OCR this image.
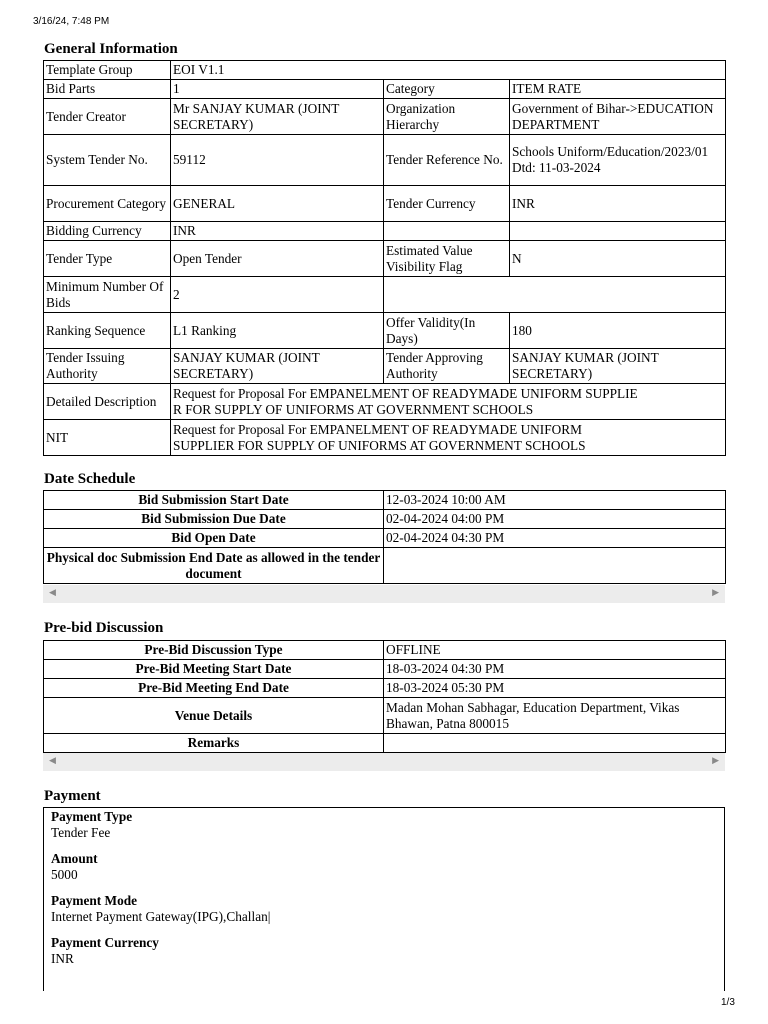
3/16/24, 7:48 PM
1/3
General Information
Template Group	EOI V1.1		
Bid Parts	1	Category	ITEM RATE
Tender Creator	Mr SANJAY KUMAR (JOINT SECRETARY)	Organization Hierarchy	Government of Bihar->EDUCATION DEPARTMENT
System Tender No.	59112	Tender Reference No.	Schools Uniform/Education/2023/01 Dtd: 11-03-2024
Procurement Category	GENERAL	Tender Currency	INR
Bidding Currency	INR		
Tender Type	Open Tender	Estimated Value Visibility Flag	N
Minimum Number Of Bids	2		
Ranking Sequence	L1 Ranking	Offer Validity(In Days)	180
Tender Issuing Authority	SANJAY KUMAR (JOINT SECRETARY)	Tender Approving Authority	SANJAY KUMAR (JOINT SECRETARY)
Detailed Description	Request for Proposal For EMPANELMENT OF READYMADE UNIFORM SUPPLIE
R FOR SUPPLY OF UNIFORMS AT GOVERNMENT SCHOOLS		

NIT	Request for Proposal For EMPANELMENT OF READYMADE UNIFORM
SUPPLIER FOR SUPPLY OF UNIFORMS AT GOVERNMENT SCHOOLS		
Date Schedule
Bid Submission Start Date	12-03-2024 10:00 AM
Bid Submission Due Date	02-04-2024 04:00 PM
Bid Open Date	02-04-2024 04:30 PM
Physical doc Submission End Date as allowed in the tender document	
◀	▶
Pre-bid Discussion
Pre-Bid Discussion Type	OFFLINE
Pre-Bid Meeting Start Date	18-03-2024 04:30 PM
Pre-Bid Meeting End Date	18-03-2024 05:30 PM
Venue Details	Madan Mohan Sabhagar, Education Department, Vikas Bhawan, Patna 800015
Remarks	
◀	▶
Payment
Payment Type
Tender Fee
Amount
5000
Payment Mode
Internet Payment Gateway(IPG),Challan|
Payment Currency
INR
